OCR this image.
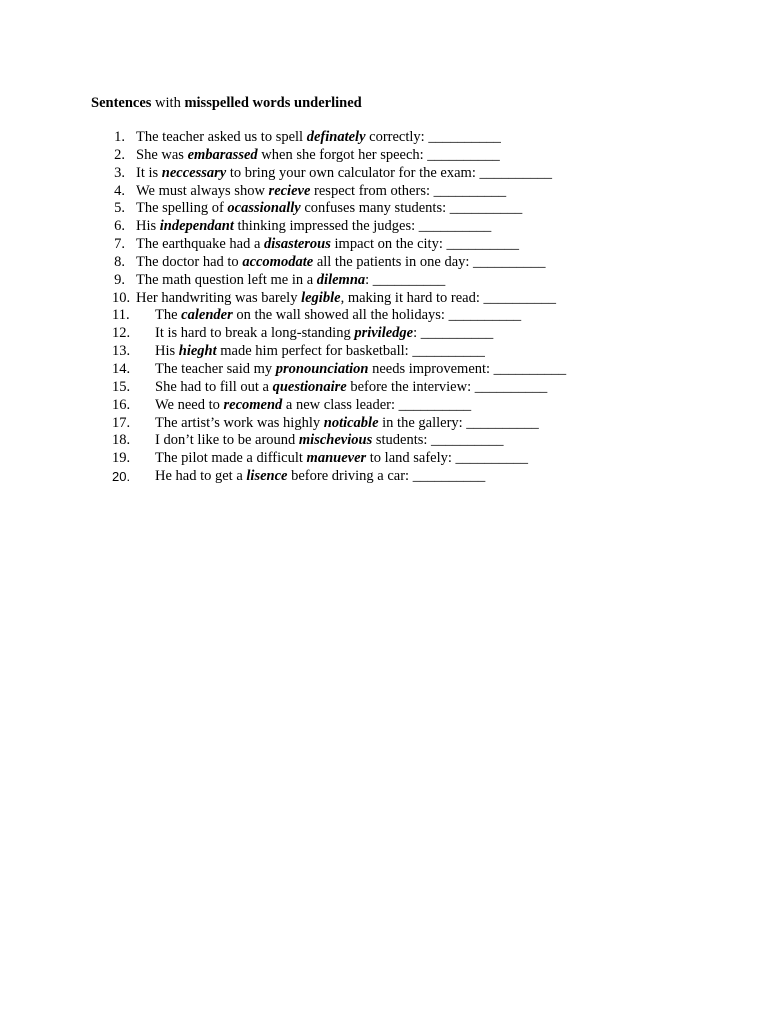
Sentences with misspelled words underlined
1. The teacher asked us to spell definately correctly: __________
2. She was embarassed when she forgot her speech: __________
3. It is neccessary to bring your own calculator for the exam: __________
4. We must always show recieve respect from others: __________
5. The spelling of ocassionally confuses many students: __________
6. His independant thinking impressed the judges: __________
7. The earthquake had a disasterous impact on the city: __________
8. The doctor had to accomodate all the patients in one day: __________
9. The math question left me in a dilemna: __________
10. Her handwriting was barely legible, making it hard to read: __________
11.	The calender on the wall showed all the holidays: __________
12.	It is hard to break a long-standing priviledge: __________
13.	His hieght made him perfect for basketball: __________
14.	The teacher said my pronounciation needs improvement: __________
15.	She had to fill out a questionaire before the interview: __________
16.	We need to recomend a new class leader: __________
17.	The artist’s work was highly noticable in the gallery: __________
18.	I don’t like to be around mischevious students: __________
19.	The pilot made a difficult manuever to land safely: __________
20.	He had to get a lisence before driving a car: __________
